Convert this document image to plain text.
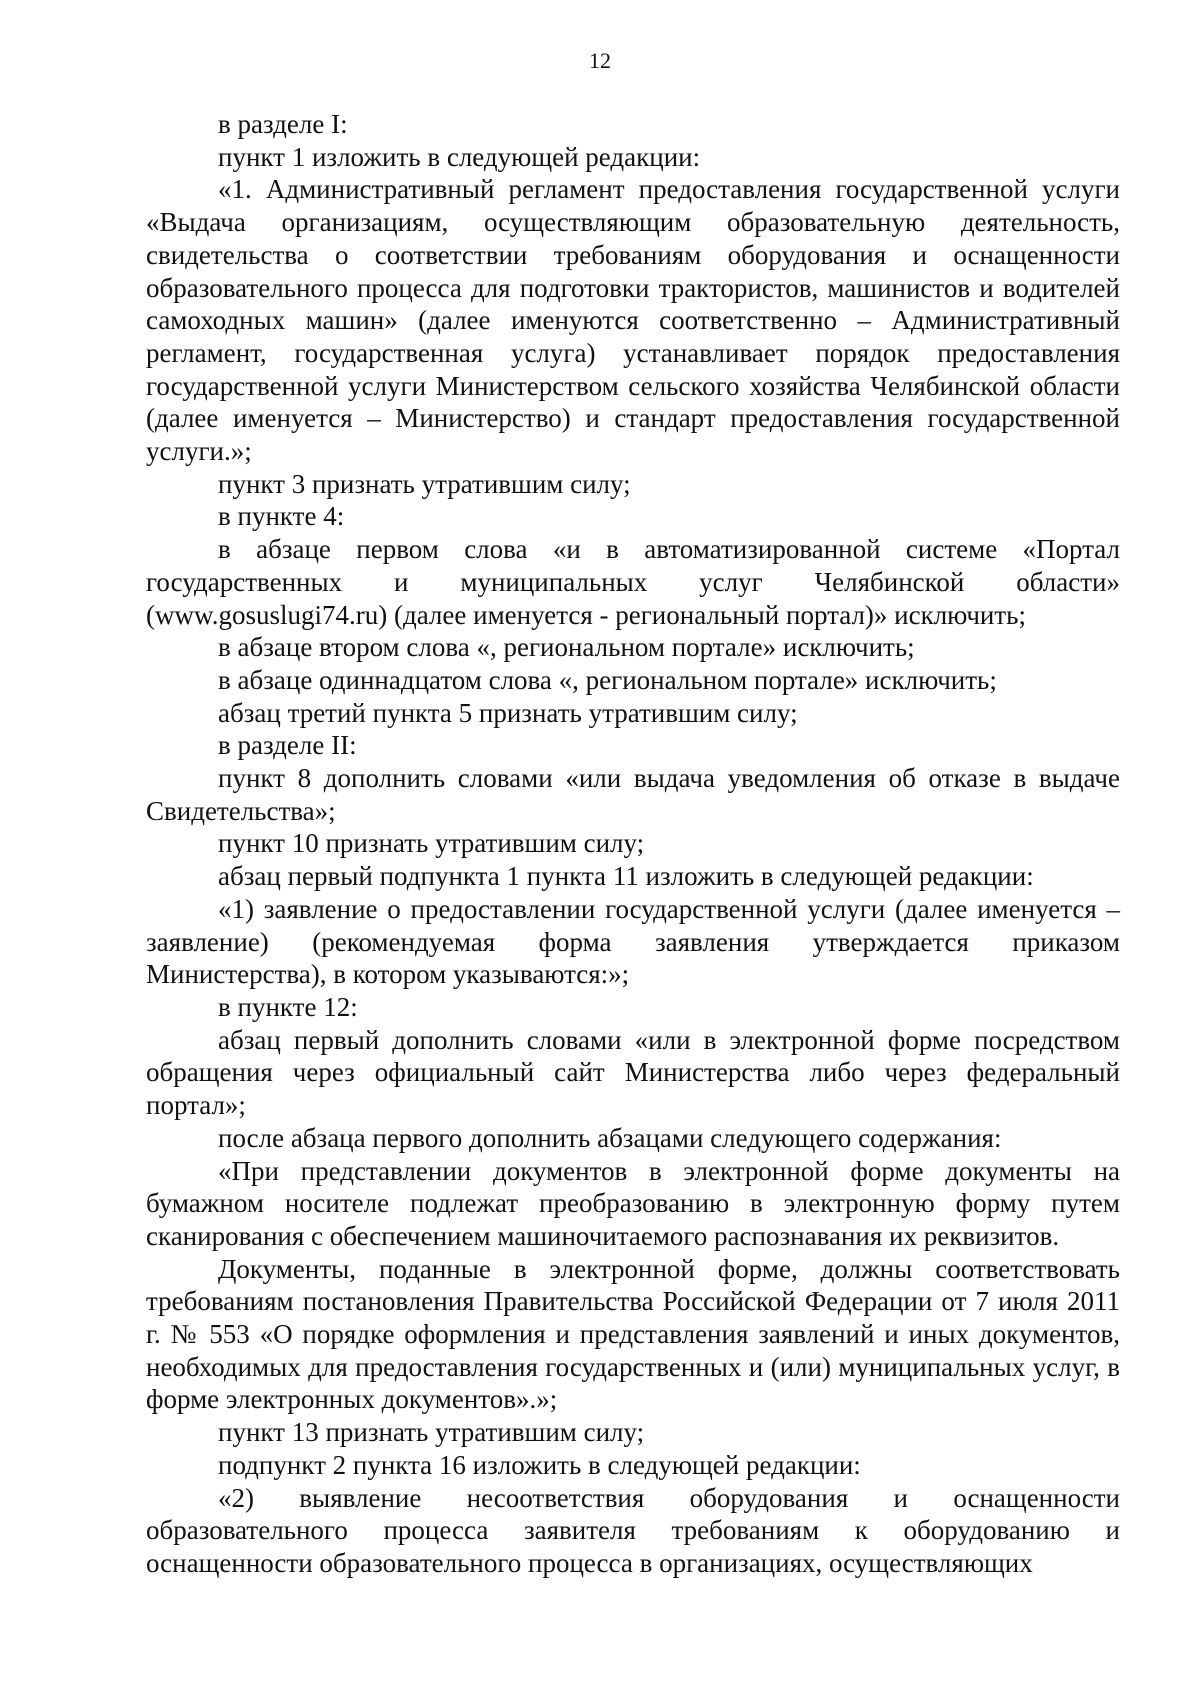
12

в разделе I:

пункт 1 изложить в следующей редакции:

«1. Административный регламент предоставления государственной услуги «Выдача организациям, осуществляющим образовательную деятельность, свидетельства о соответствии требованиям оборудования и оснащенности образовательного процесса для подготовки трактористов, машинистов и водителей самоходных машин» (далее именуются соответственно – Административный регламент, государственная услуга) устанавливает порядок предоставления государственной услуги Министерством сельского хозяйства Челябинской области (далее именуется – Министерство) и стандарт предоставления государственной услуги.»;

пункт 3 признать утратившим силу;

в пункте 4:

в абзаце первом слова «и в автоматизированной системе «Портал государственных и муниципальных услуг Челябинской области» (www.gosuslugi74.ru) (далее именуется - региональный портал)» исключить;

в абзаце втором слова «, региональном портале» исключить;

в абзаце одиннадцатом слова «, региональном портале» исключить;

абзац третий пункта 5 признать утратившим силу;

в разделе II:

пункт 8 дополнить словами «или выдача уведомления об отказе в выдаче Свидетельства»;

пункт 10 признать утратившим силу;

абзац первый подпункта 1 пункта 11 изложить в следующей редакции:

«1) заявление о предоставлении государственной услуги (далее именуется – заявление) (рекомендуемая форма заявления утверждается приказом Министерства), в котором указываются:»;

в пункте 12:

абзац первый дополнить словами «или в электронной форме посредством обращения через официальный сайт Министерства либо через федеральный портал»;

после абзаца первого дополнить абзацами следующего содержания:

«При представлении документов в электронной форме документы на бумажном носителе подлежат преобразованию в электронную форму путем сканирования с обеспечением машиночитаемого распознавания их реквизитов.

Документы, поданные в электронной форме, должны соответствовать требованиям постановления Правительства Российской Федерации от 7 июля 2011 г. № 553 «О порядке оформления и представления заявлений и иных документов, необходимых для предоставления государственных и (или) муниципальных услуг, в форме электронных документов».»;

пункт 13 признать утратившим силу;

подпункт 2 пункта 16 изложить в следующей редакции:

«2) выявление несоответствия оборудования и оснащенности образовательного процесса заявителя требованиям к оборудованию и оснащенности образовательного процесса в организациях, осуществляющих
